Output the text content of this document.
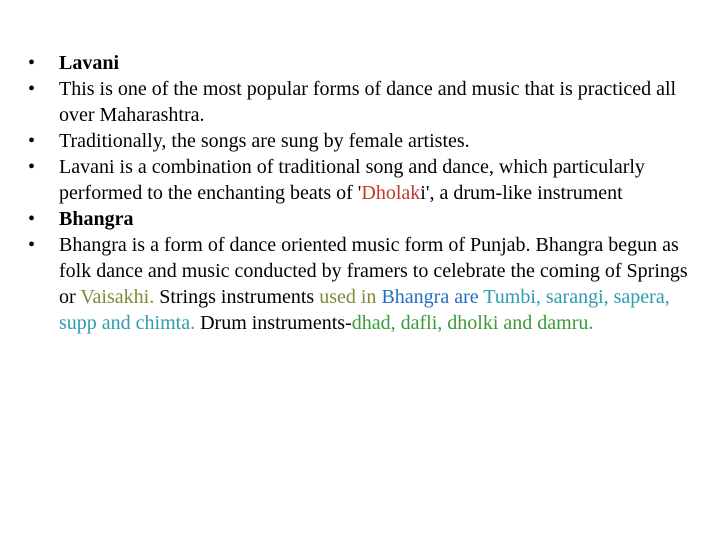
•	Lavani
•	This is one of the most popular forms of dance and music that is practiced all over Maharashtra.
•	Traditionally, the songs are sung by female artistes.
•	Lavani is a combination of traditional song and dance, which particularly performed to the enchanting beats of 'Dholaki', a drum-like instrument
•	Bhangra
•	Bhangra is a form of dance oriented music form of Punjab. Bhangra begun as folk dance and music conducted by framers to celebrate the coming of Springs or Vaisakhi. Strings instruments used in Bhangra are Tumbi, sarangi, sapera, supp and chimta. Drum instruments-dhad, dafli, dholki and damru.
